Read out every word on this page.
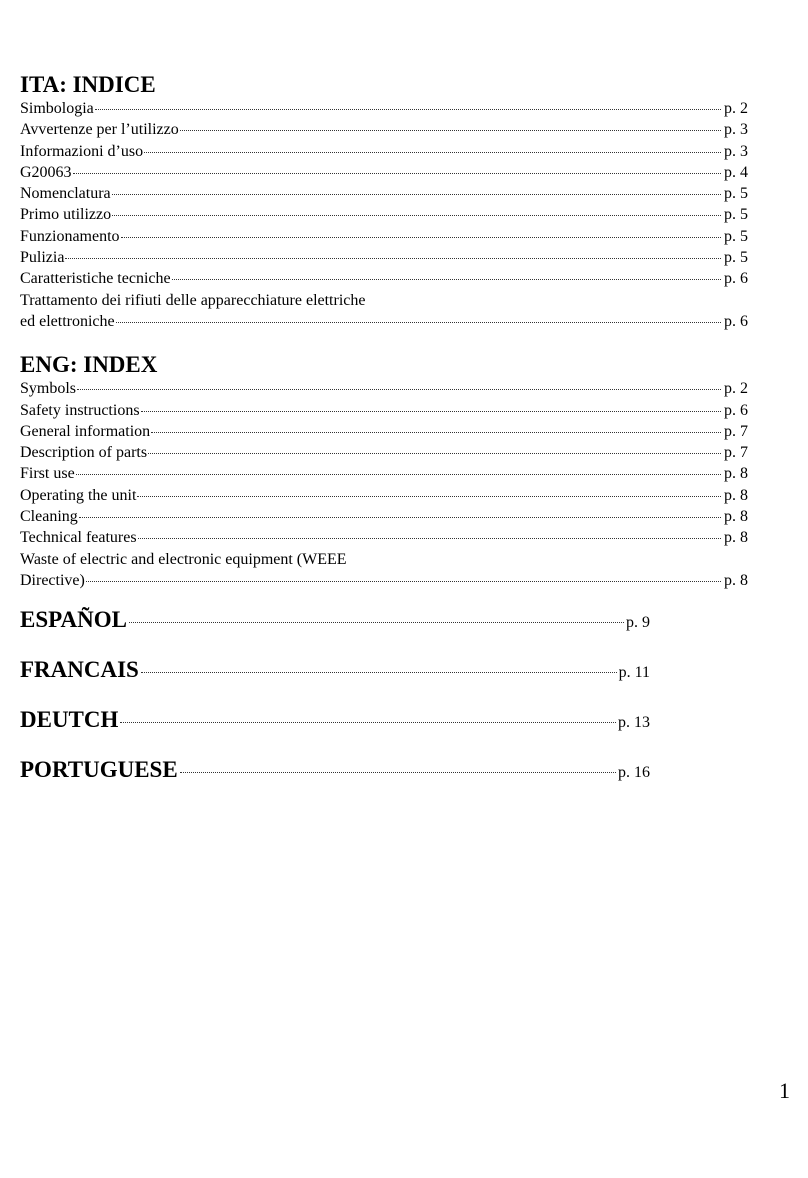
ITA: INDICE
Simbologia	p. 2
Avvertenze per l’utilizzo	p. 3
Informazioni d’uso	p. 3
G20063	p. 4
Nomenclatura	p. 5
Primo utilizzo	p. 5
Funzionamento	p. 5
Pulizia	p. 5
Caratteristiche tecniche	p. 6
Trattamento dei rifiuti delle apparecchiature elettriche
ed elettroniche	p. 6
ENG: INDEX
Symbols	p. 2
Safety instructions	p. 6
General information	p. 7
Description of parts	p. 7
First use	p. 8
Operating the unit	p. 8
Cleaning	p. 8
Technical features	p. 8
Waste of electric and electronic equipment (WEEE
Directive)	p. 8
ESPAÑOL	p. 9
FRANCAIS	p. 11
DEUTCH	p. 13
PORTUGUESE	p. 16
1
